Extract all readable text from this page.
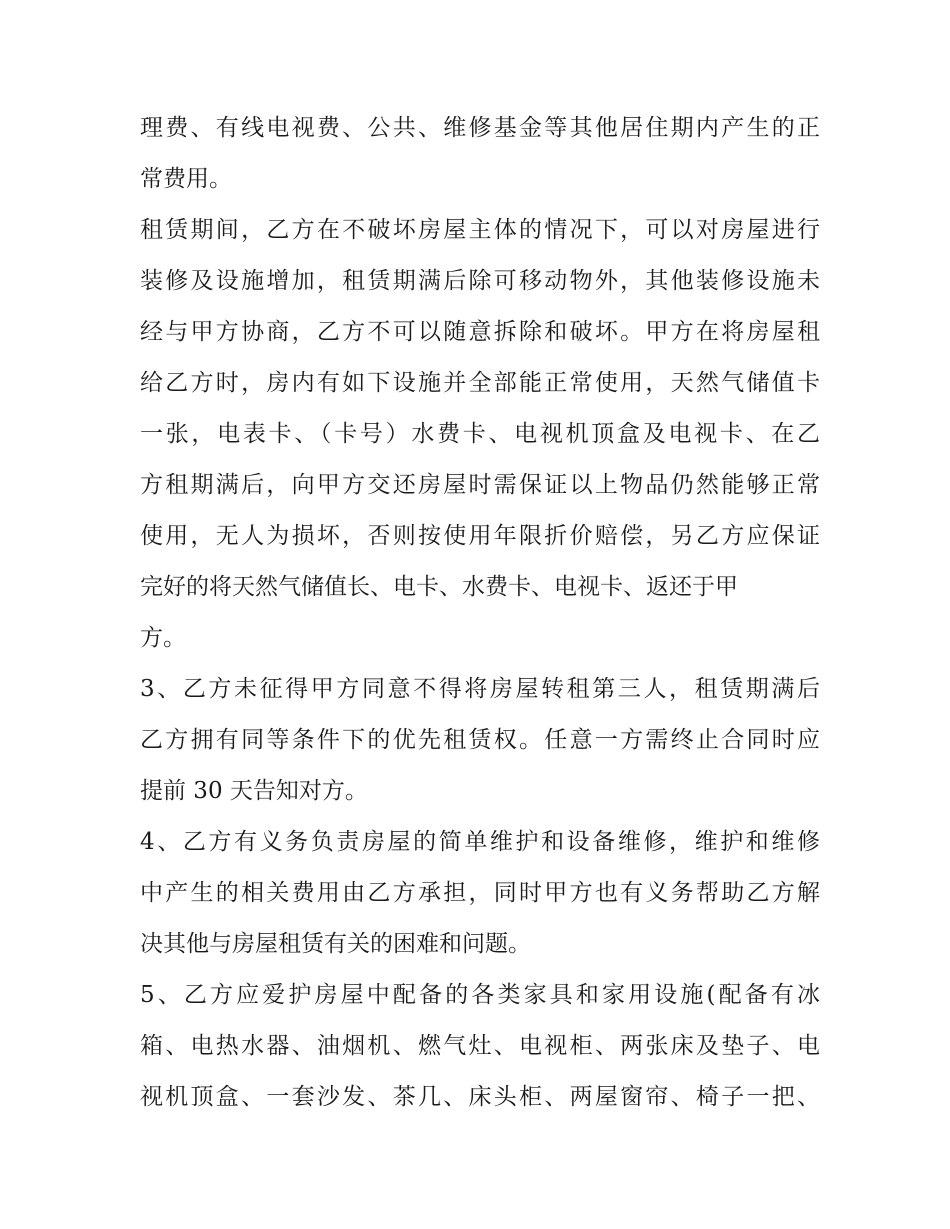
理费、有线电视费、公共、维修基金等其他居住期内产生的正
常费用。
租赁期间，乙方在不破坏房屋主体的情况下，可以对房屋进行
装修及设施增加，租赁期满后除可移动物外，其他装修设施未
经与甲方协商，乙方不可以随意拆除和破坏。甲方在将房屋租
给乙方时，房内有如下设施并全部能正常使用，天然气储值卡
一张，电表卡、（卡号）水费卡、电视机顶盒及电视卡、在乙
方租期满后，向甲方交还房屋时需保证以上物品仍然能够正常
使用，无人为损坏，否则按使用年限折价赔偿，另乙方应保证
完好的将天然气储值长、电卡、水费卡、电视卡、返还于甲
方。
3、乙方未征得甲方同意不得将房屋转租第三人，租赁期满后
乙方拥有同等条件下的优先租赁权。任意一方需终止合同时应
提前 30 天告知对方。
4、乙方有义务负责房屋的简单维护和设备维修，维护和维修
中产生的相关费用由乙方承担，同时甲方也有义务帮助乙方解
决其他与房屋租赁有关的困难和问题。
5、乙方应爱护房屋中配备的各类家具和家用设施(配备有冰
箱、电热水器、油烟机、燃气灶、电视柜、两张床及垫子、电
视机顶盒、一套沙发、茶几、床头柜、两屋窗帘、椅子一把、
